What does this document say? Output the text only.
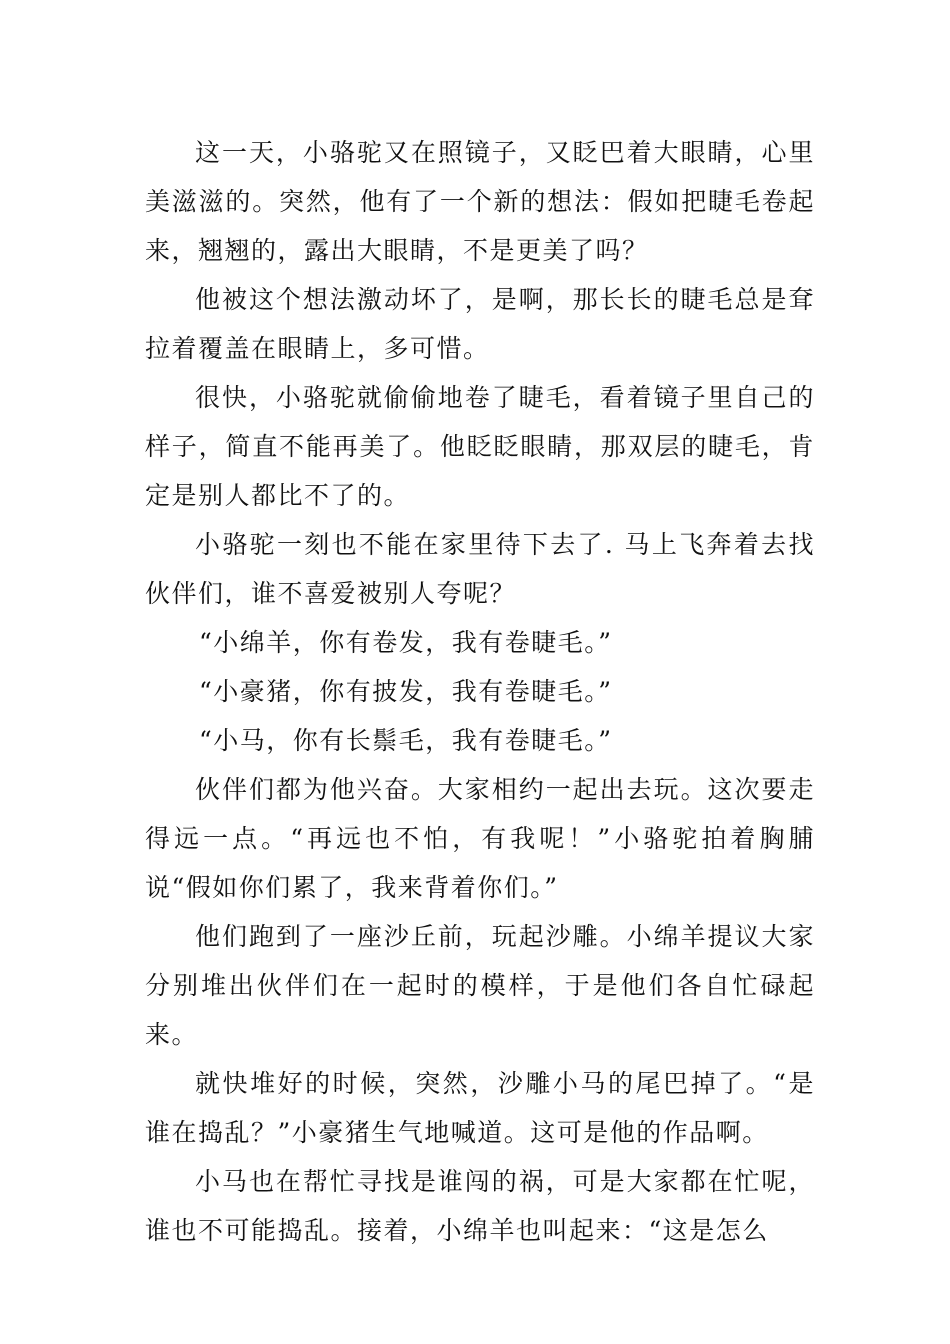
这一天，小骆驼又在照镜子，又眨巴着大眼睛，心里美滋滋的。突然，他有了一个新的想法：假如把睫毛卷起来，翘翘的，露出大眼睛，不是更美了吗？

他被这个想法激动坏了，是啊，那长长的睫毛总是耷拉着覆盖在眼睛上，多可惜。

很快，小骆驼就偷偷地卷了睫毛，看着镜子里自己的样子，简直不能再美了。他眨眨眼睛，那双层的睫毛，肯定是别人都比不了的。

小骆驼一刻也不能在家里待下去了. 马上飞奔着去找伙伴们，谁不喜爱被别人夸呢？

“小绵羊，你有卷发，我有卷睫毛。”

“小豪猪，你有披发，我有卷睫毛。”

“小马，你有长鬃毛，我有卷睫毛。”

伙伴们都为他兴奋。大家相约一起出去玩。这次要走得远一点。“再远也不怕，有我呢！”小骆驼拍着胸脯说“假如你们累了，我来背着你们。”

他们跑到了一座沙丘前，玩起沙雕。小绵羊提议大家分别堆出伙伴们在一起时的模样，于是他们各自忙碌起来。

就快堆好的时候，突然，沙雕小马的尾巴掉了。“是谁在捣乱？”小豪猪生气地喊道。这可是他的作品啊。

小马也在帮忙寻找是谁闯的祸，可是大家都在忙呢，谁也不可能捣乱。接着，小绵羊也叫起来：“这是怎么
